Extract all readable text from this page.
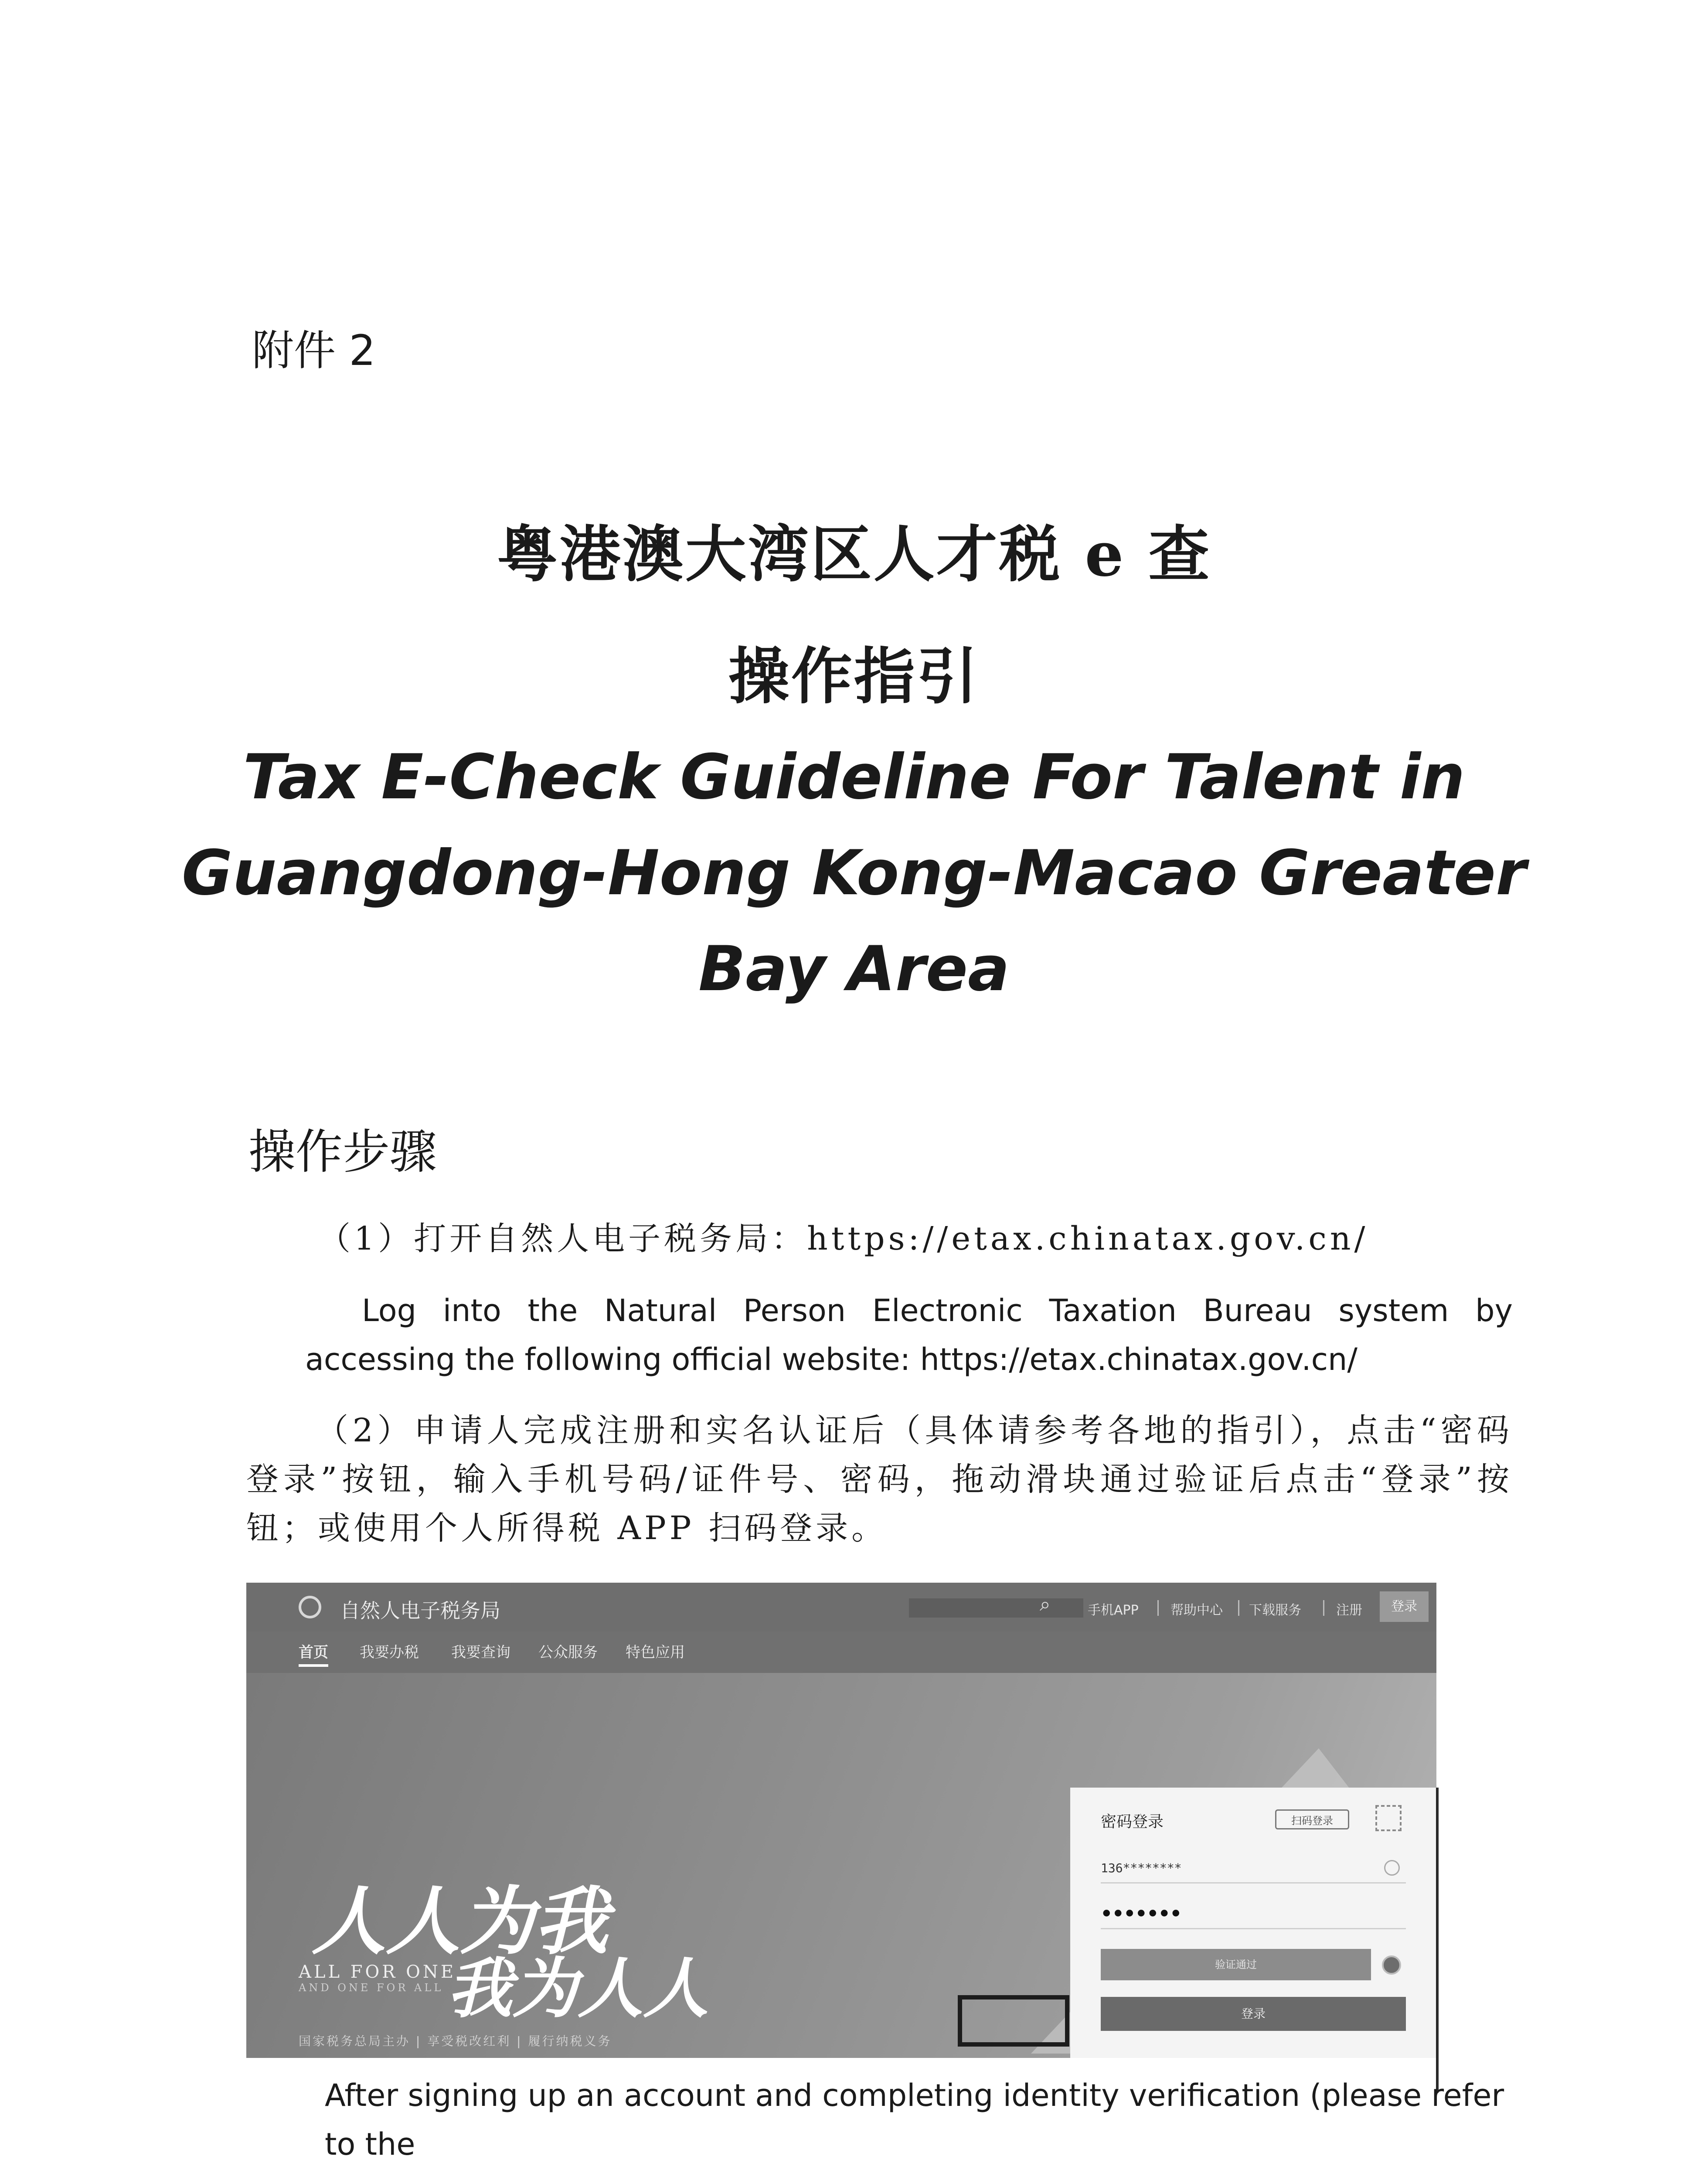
附件 2
粤港澳大湾区人才税 e 查
操作指引
Tax E-Check Guideline For Talent in
Guangdong-Hong Kong-Macao Greater
Bay Area
操作步骤
（1）打开自然人电子税务局：https://etax.chinatax.gov.cn/
Log into the Natural Person Electronic Taxation Bureau system by accessing the following official website: https://etax.chinatax.gov.cn/
（2）申请人完成注册和实名认证后（具体请参考各地的指引），点击“密码登录”按钮，输入手机号码/证件号、密码，拖动滑块通过验证后点击“登录”按钮；或使用个人所得税 APP 扫码登录。
自然人电子税务局	⌕	手机APP 帮助中心 下载服务	注册	登录
首页 我要办税 我要查询 公众服务 特色应用
人人为我
我为人人
ALL FOR ONE
AND ONE FOR ALL
国家税务总局主办 | 享受税改红利 | 履行纳税义务
密码登录	扫码登录
136********
•••••••
验证通过
登录
After signing up an account and completing identity verification (please refer to the
